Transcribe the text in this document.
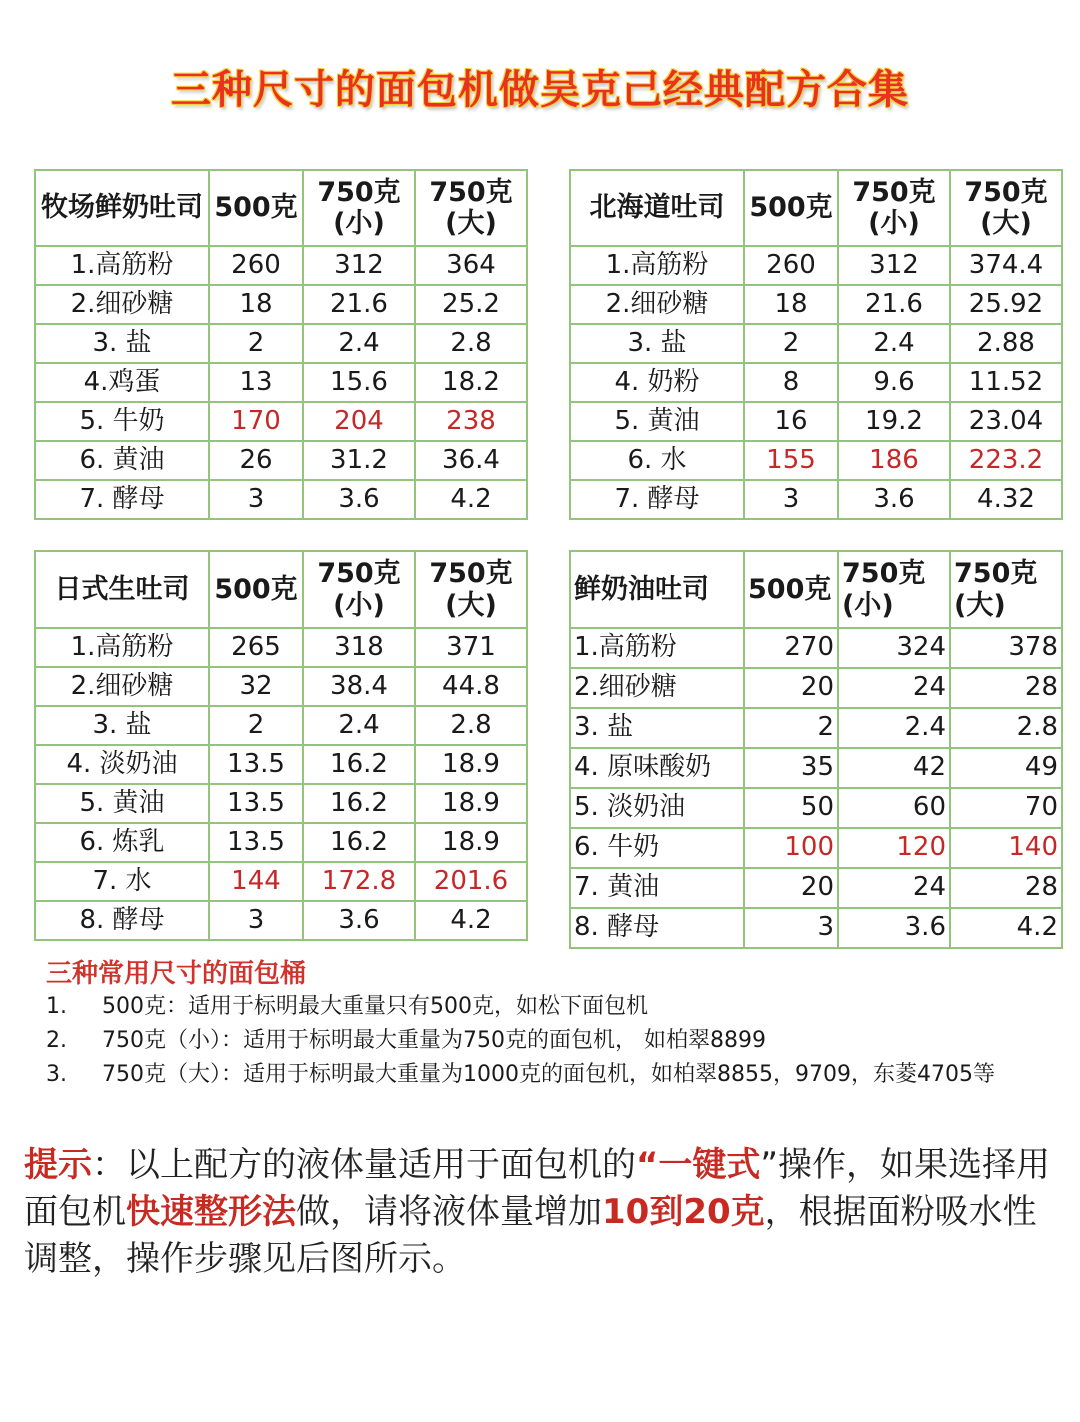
三种尺寸的面包机做吴克己经典配方合集
牧场鲜奶吐司	500克	750克(小)	750克(大)
1.高筋粉	260	312	364
2.细砂糖	18	21.6	25.2
3. 盐	2	2.4	2.8
4.鸡蛋	13	15.6	18.2
5. 牛奶	170	204	238
6. 黄油	26	31.2	36.4
7. 酵母	3	3.6	4.2
北海道吐司	500克	750克(小)	750克(大)
1.高筋粉	260	312	374.4
2.细砂糖	18	21.6	25.92
3. 盐	2	2.4	2.88
4. 奶粉	8	9.6	11.52
5. 黄油	16	19.2	23.04
6. 水	155	186	223.2
7. 酵母	3	3.6	4.32
日式生吐司	500克	750克(小)	750克(大)
1.高筋粉	265	318	371
2.细砂糖	32	38.4	44.8
3. 盐	2	2.4	2.8
4. 淡奶油	13.5	16.2	18.9
5. 黄油	13.5	16.2	18.9
6. 炼乳	13.5	16.2	18.9
7. 水	144	172.8	201.6
8. 酵母	3	3.6	4.2
鲜奶油吐司	500克	750克(小)	750克(大)
1.高筋粉	270	324	378
2.细砂糖	20	24	28
3. 盐	2	2.4	2.8
4. 原味酸奶	35	42	49
5. 淡奶油	50	60	70
6. 牛奶	100	120	140
7. 黄油	20	24	28
8. 酵母	3	3.6	4.2
三种常用尺寸的面包桶
1.	500克：适用于标明最大重量只有500克，如松下面包机
2.	750克（小）：适用于标明最大重量为750克的面包机， 如柏翠8899
3.	750克（大）：适用于标明最大重量为1000克的面包机，如柏翠8855，9709，东菱4705等
提示：以上配方的液体量适用于面包机的“一键式”操作，如果选择用面包机快速整形法做，请将液体量增加10到20克，根据面粉吸水性调整，操作步骤见后图所示。
